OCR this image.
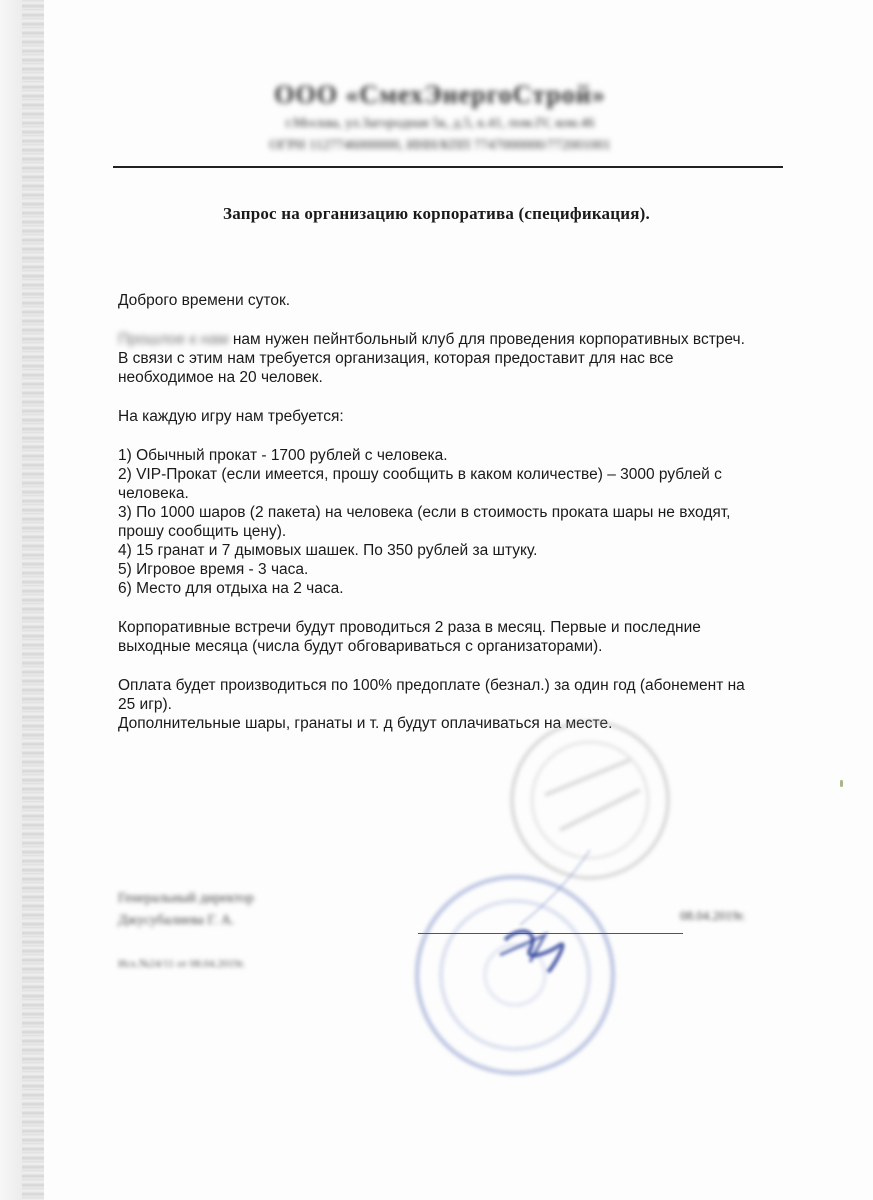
ООО «СмехЭнергоСтрой»
г.Москва, ул.Загородная 5к, д.5, к.41, пом.IV, ком.46
ОГРН 1127746000000, ИНН/КПП 7747000000/772001001
Запрос на организацию корпоратива (спецификация).

Доброго времени суток.

Прошлое к нам нам нужен пейнтбольный клуб для проведения корпоративных встреч.
В связи с этим нам требуется организация, которая предоставит для нас все
необходимое на 20 человек.

На каждую игру нам требуется:

1) Обычный прокат - 1700 рублей с человека.

2) VIP-Прокат (если имеется, прошу сообщить в каком количестве) – 3000 рублей с

человека.

3) По 1000 шаров (2 пакета) на человека (если в стоимость проката шары не входят,

прошу сообщить цену).

4) 15 гранат и 7 дымовых шашек. По 350 рублей за штуку.

5) Игровое время - 3 часа.

6) Место для отдыха на 2 часа.

Корпоративные встречи будут проводиться 2 раза в месяц. Первые и последние
выходные месяца (числа будут обговариваться с организаторами).

Оплата будет производиться по 100% предоплате (безнал.) за один год (абонемент на
25 игр).
Дополнительные шары, гранаты и т. д будут оплачиваться на месте.

Генеральный директор
Джусубалиева Г. А.	08.04.2019г.
Исх.№24/11 от 08.04.2019г.
